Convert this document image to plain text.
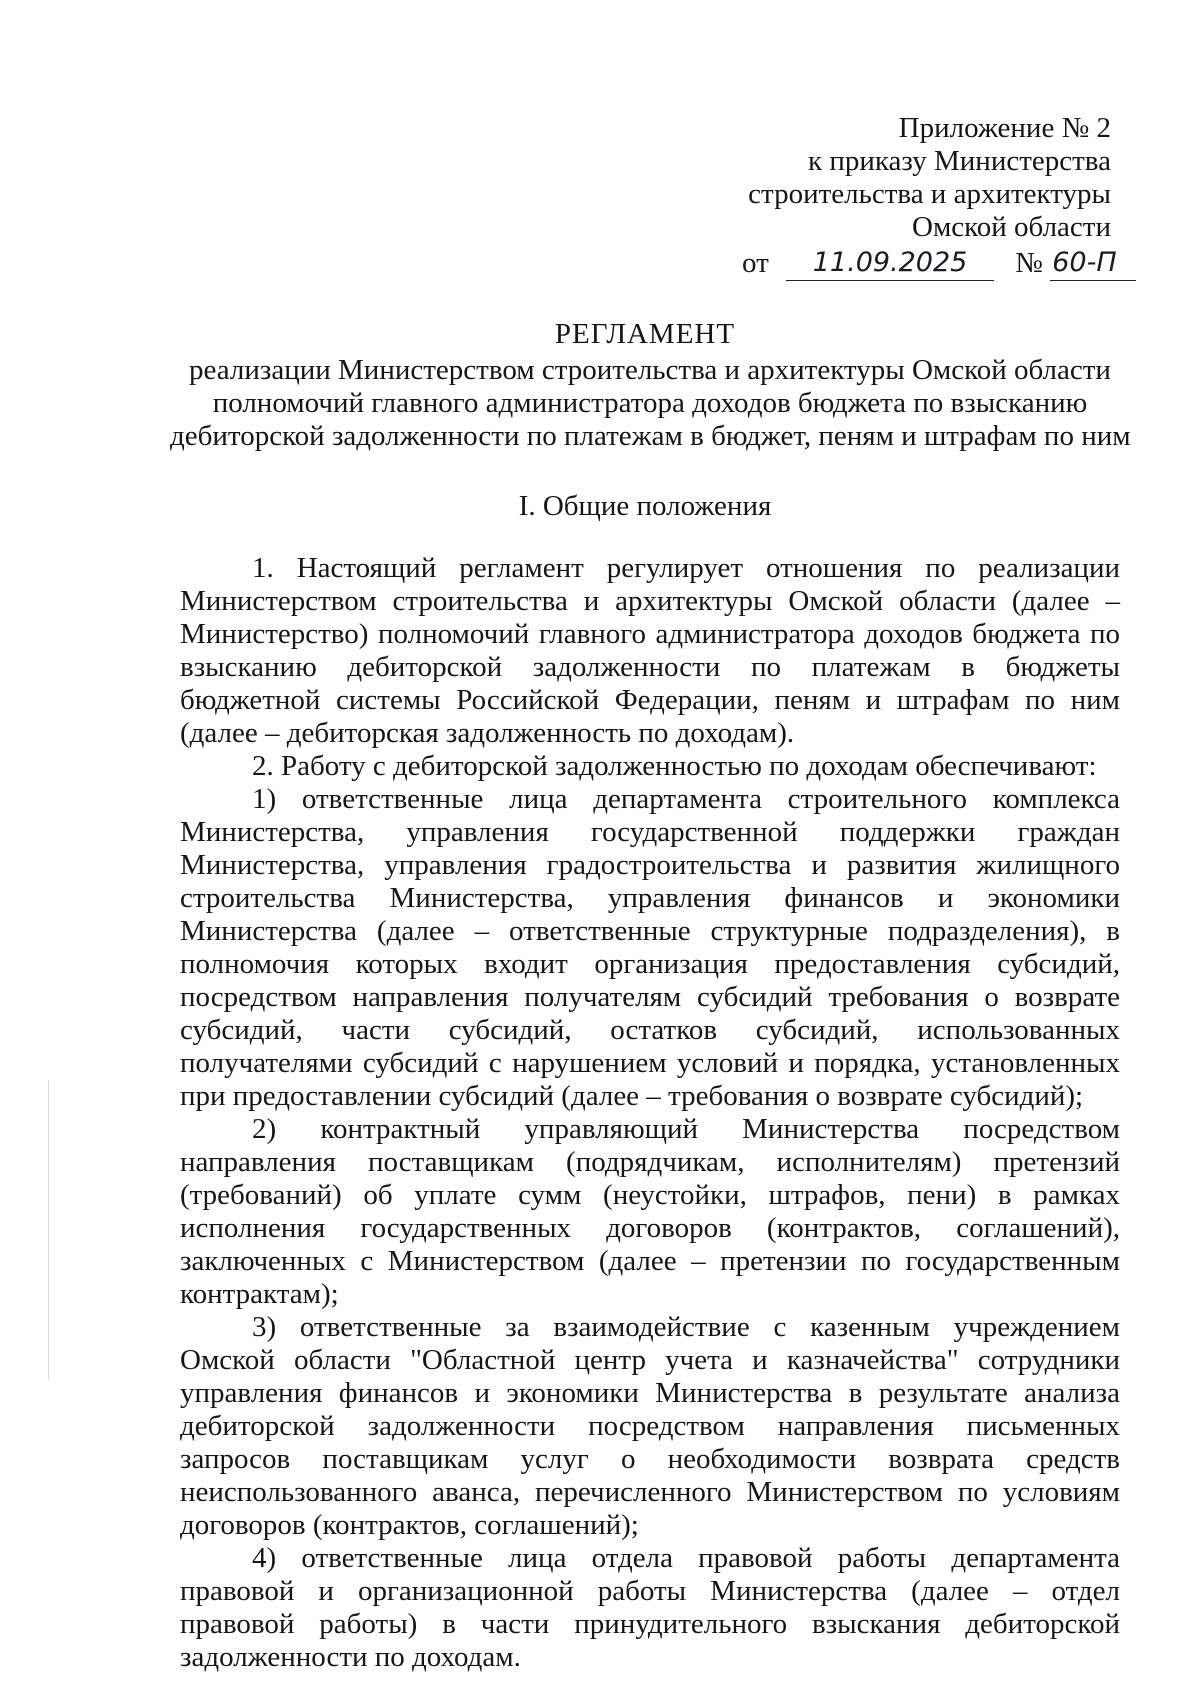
Приложение № 2
к приказу Министерства
строительства и архитектуры
Омской области
от 11.09.2025 № 60-П
РЕГЛАМЕНТ
реализации Министерством строительства и архитектуры Омской области
полномочий главного администратора доходов бюджета по взысканию
дебиторской задолженности по платежам в бюджет, пеням и штрафам по ним
I. Общие положения

1. Настоящий регламент регулирует отношения по реализации Министерством строительства и архитектуры Омской области (далее – Министерство) полномочий главного администратора доходов бюджета по взысканию дебиторской задолженности по платежам в бюджеты бюджетной системы Российской Федерации, пеням и штрафам по ним (далее – дебиторская задолженность по доходам).

2. Работу с дебиторской задолженностью по доходам обеспечивают:

1) ответственные лица департамента строительного комплекса Министерства, управления государственной поддержки граждан Министерства, управления градостроительства и развития жилищного строительства Министерства, управления финансов и экономики Министерства (далее – ответственные структурные подразделения), в полномочия которых входит организация предоставления субсидий, посредством направления получателям субсидий требования о возврате субсидий, части субсидий, остатков субсидий, использованных получателями субсидий с нарушением условий и порядка, установленных при предоставлении субсидий (далее – требования о возврате субсидий);

2) контрактный управляющий Министерства посредством направления поставщикам (подрядчикам, исполнителям) претензий (требований) об уплате сумм (неустойки, штрафов, пени) в рамках исполнения государственных договоров (контрактов, соглашений), заключенных с Министерством (далее – претензии по государственным контрактам);

3) ответственные за взаимодействие с казенным учреждением Омской области "Областной центр учета и казначейства" сотрудники управления финансов и экономики Министерства в результате анализа дебиторской задолженности посредством направления письменных запросов поставщикам услуг о необходимости возврата средств неиспользованного аванса, перечисленного Министерством по условиям договоров (контрактов, соглашений);

4) ответственные лица отдела правовой работы департамента правовой и организационной работы Министерства (далее – отдел правовой работы) в части принудительного взыскания дебиторской задолженности по доходам.
